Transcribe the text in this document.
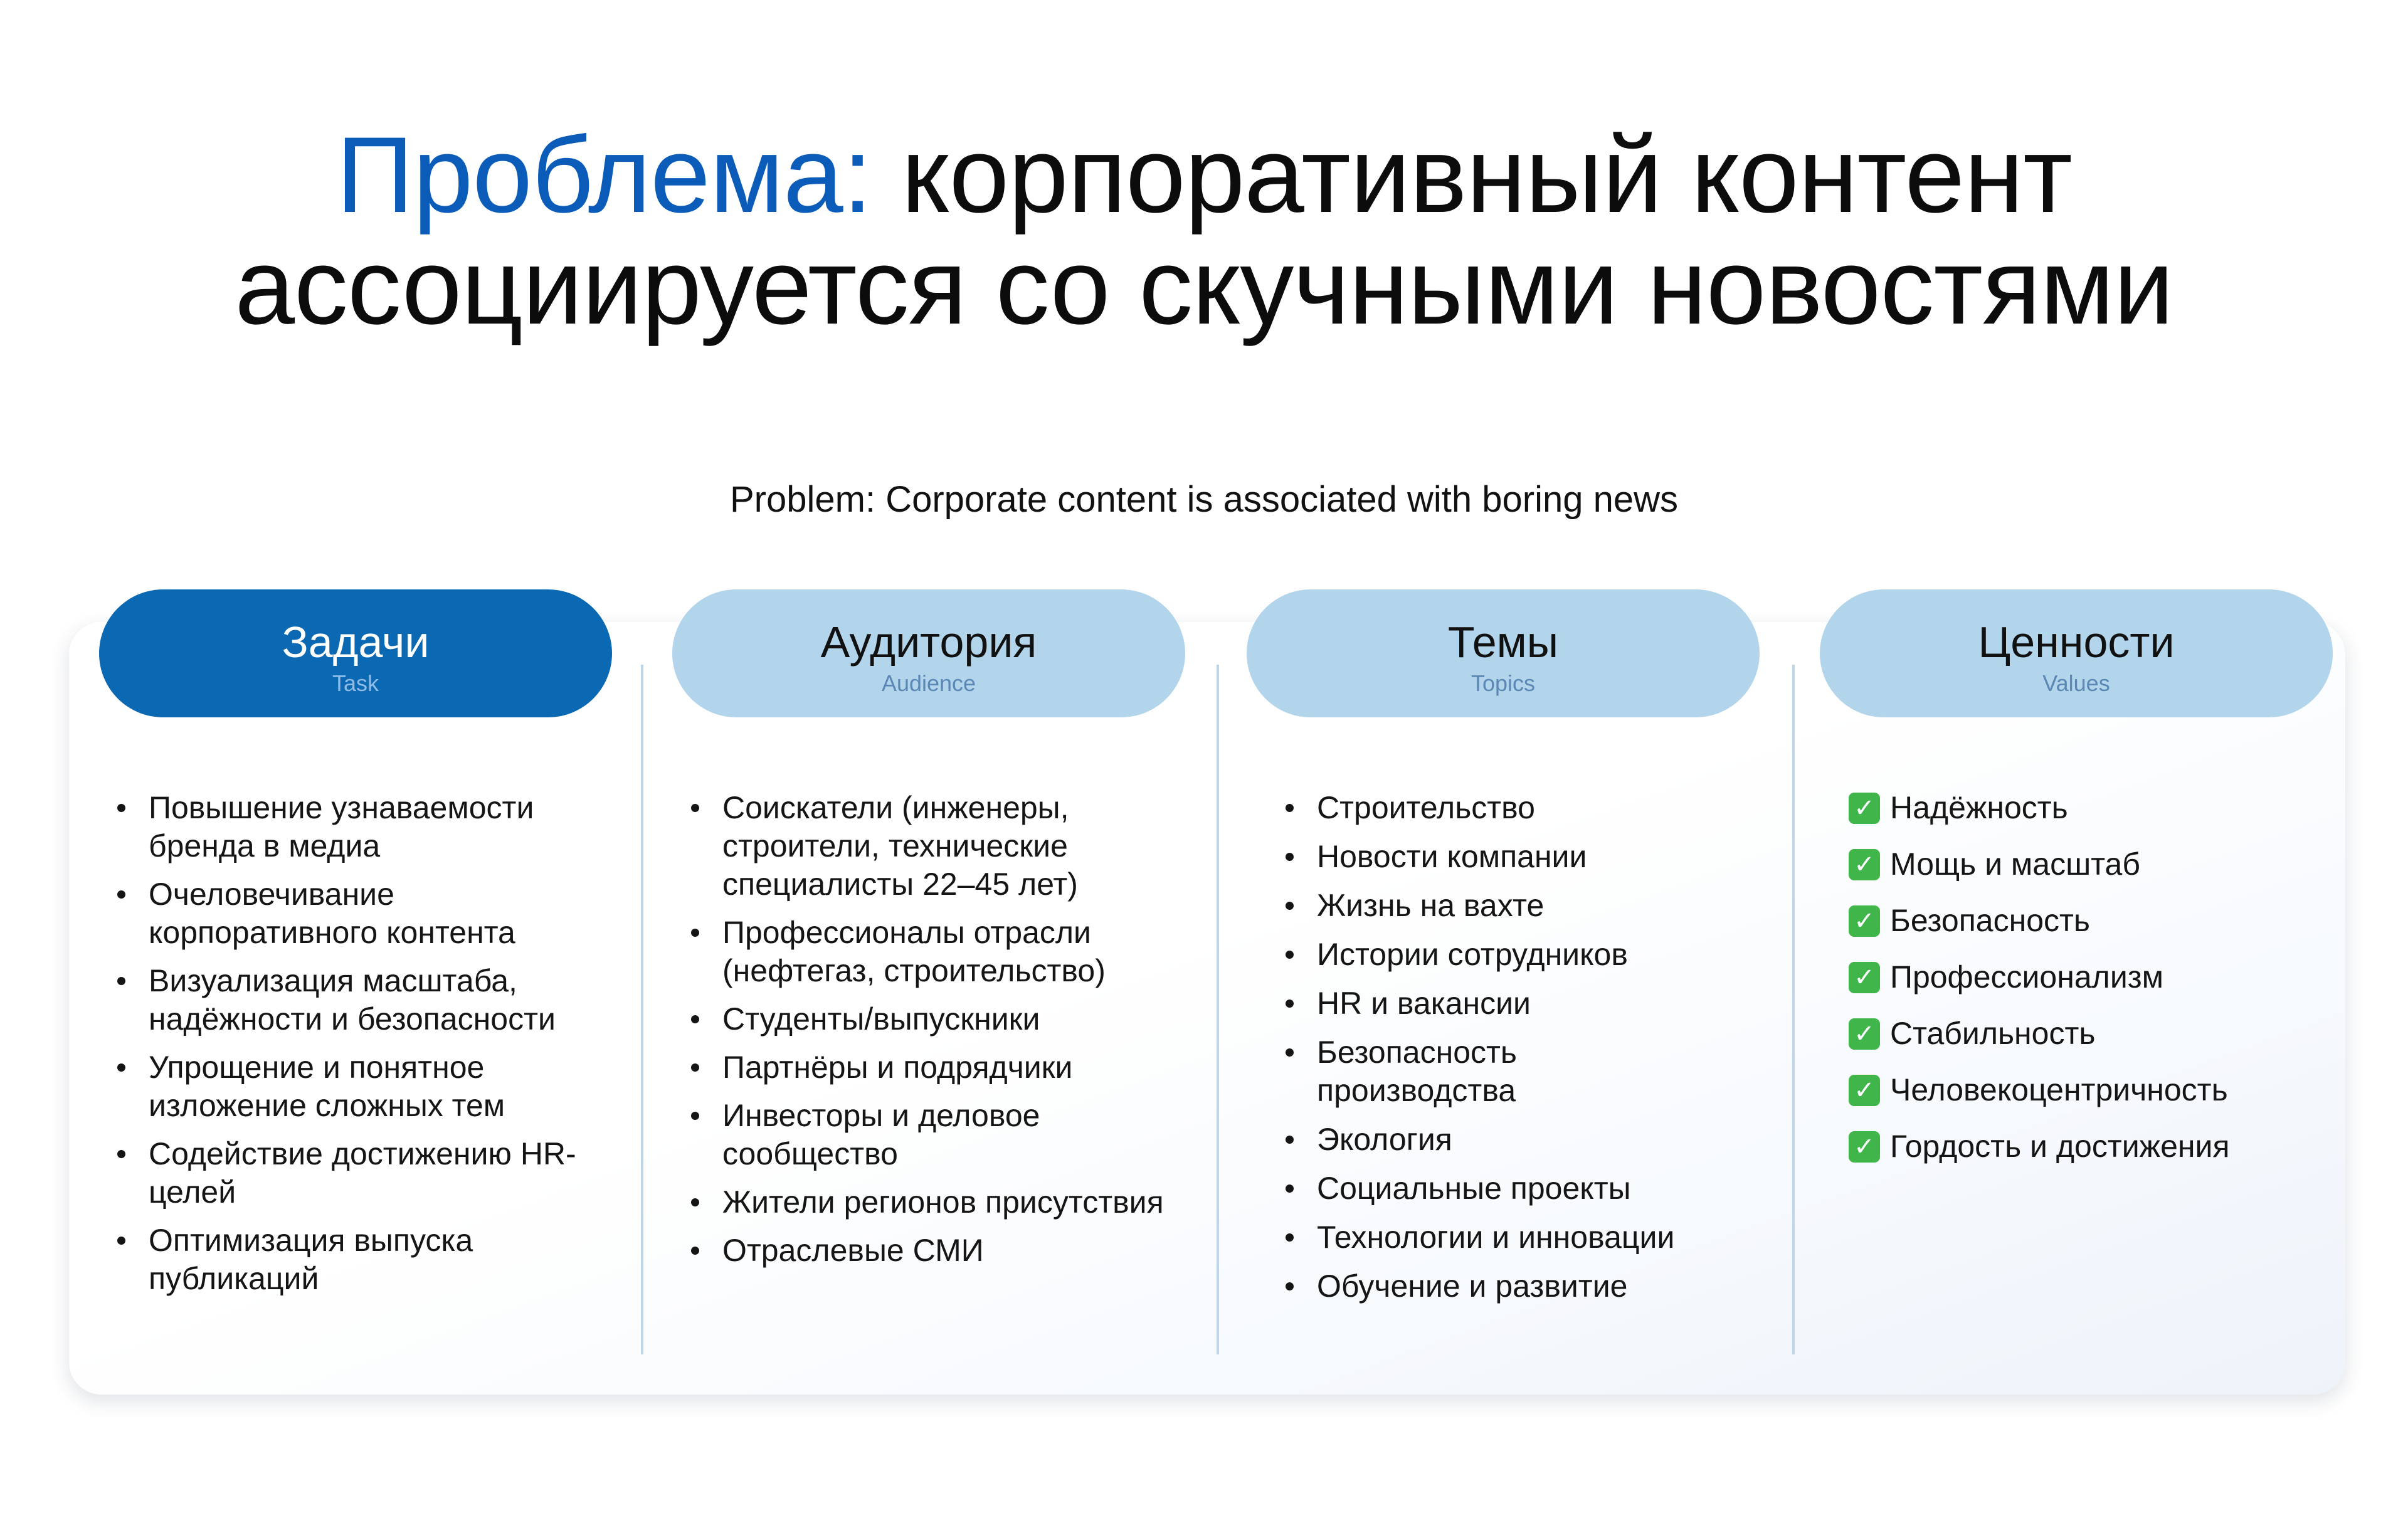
Проблема: корпоративный контент ассоциируется со скучными новостями

Problem: Corporate content is associated with boring news

Задачи
Task
Аудитория
Audience
Темы
Topics
Ценности
Values
Повышение узнаваемости бренда в медиа
Очеловечивание корпоративного контента
Визуализация масштаба, надёжности и безопасности
Упрощение и понятное изложение сложных тем
Содействие достижению HR-целей
Оптимизация выпуска публикаций
Соискатели (инженеры, строители, технические специалисты 22–45 лет)
Профессионалы отрасли (нефтегаз, строительство)
Студенты/выпускники
Партнёры и подрядчики
Инвесторы и деловое сообщество
Жители регионов присутствия
Отраслевые СМИ
Строительство
Новости компании
Жизнь на вахте
Истории сотрудников
HR и вакансии
Безопасность производства
Экология
Социальные проекты
Технологии и инновации
Обучение и развитие
✓ Надёжность
✓ Мощь и масштаб
✓ Безопасность
✓ Профессионализм
✓ Стабильность
✓ Человекоцентричность
✓ Гордость и достижения
